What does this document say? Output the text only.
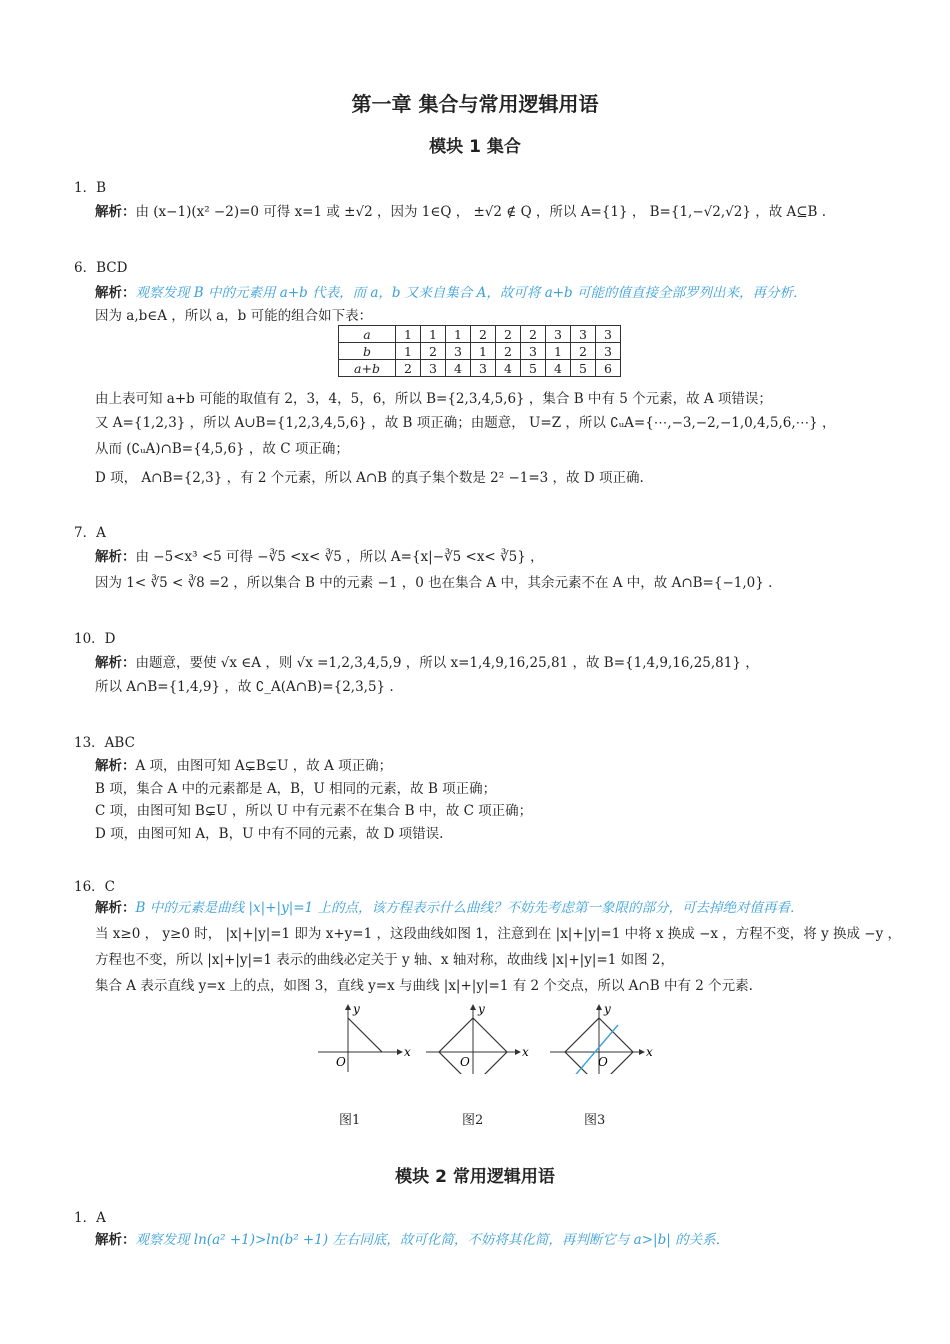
第一章 集合与常用逻辑用语
模块 1 集合
1．B
解析：由 (x−1)(x² −2)=0 可得 x=1 或 ±√2 ，因为 1∈Q ， ±√2 ∉ Q ，所以 A={1} ， B={1,−√2,√2} ，故 A⊆B .
6．BCD
解析：观察发现 B 中的元素用 a+b 代表，而 a，b 又来自集合 A，故可将 a+b 可能的值直接全部罗列出来，再分析．
因为 a,b∈A ，所以 a，b 可能的组合如下表：
a	1	1	1	2	2	2	3	3	3
b	1	2	3	1	2	3	1	2	3
a+b	2	3	4	3	4	5	4	5	6
由上表可知 a+b 可能的取值有 2，3，4，5，6，所以 B={2,3,4,5,6} ，集合 B 中有 5 个元素，故 A 项错误；
又 A={1,2,3} ，所以 A∪B={1,2,3,4,5,6} ，故 B 项正确；由题意， U=Z ，所以 ∁ᵤA={⋯,−3,−2,−1,0,4,5,6,⋯} ，
从而 (∁ᵤA)∩B={4,5,6} ，故 C 项正确；
D 项， A∩B={2,3} ，有 2 个元素，所以 A∩B 的真子集个数是 2² −1=3 ，故 D 项正确.
7．A
解析：由 −5<x³ <5 可得 −∛5 <x< ∛5 ，所以 A={x|−∛5 <x< ∛5} ，
因为 1< ∛5 < ∛8 =2 ，所以集合 B 中的元素 −1 ，0 也在集合 A 中，其余元素不在 A 中，故 A∩B={−1,0} .
10．D
解析：由题意，要使 √x ∈A ，则 √x =1,2,3,4,5,9 ，所以 x=1,4,9,16,25,81 ，故 B={1,4,9,16,25,81} ，
所以 A∩B={1,4,9} ，故 ∁_A(A∩B)={2,3,5} .
13．ABC
解析：A 项，由图可知 A⊊B⊊U ，故 A 项正确；
B 项，集合 A 中的元素都是 A，B，U 相同的元素，故 B 项正确；
C 项，由图可知 B⊊U ，所以 U 中有元素不在集合 B 中，故 C 项正确；
D 项，由图可知 A，B，U 中有不同的元素，故 D 项错误.
16．C
解析：B 中的元素是曲线 |x|+|y|=1 上的点，该方程表示什么曲线？不妨先考虑第一象限的部分，可去掉绝对值再看．
当 x≥0 ， y≥0 时， |x|+|y|=1 即为 x+y=1 ，这段曲线如图 1，注意到在 |x|+|y|=1 中将 x 换成 −x ，方程不变，将 y 换成 −y ，
方程也不变，所以 |x|+|y|=1 表示的曲线必定关于 y 轴、x 轴对称，故曲线 |x|+|y|=1 如图 2，
集合 A 表示直线 y=x 上的点，如图 3，直线 y=x 与曲线 |x|+|y|=1 有 2 个交点，所以 A∩B 中有 2 个元素.
x
y
O
图1
x
y
O
图2
x
y
O
图3
模块 2 常用逻辑用语
1．A
解析：观察发现 ln(a² +1)>ln(b² +1) 左右同底，故可化简，不妨将其化简，再判断它与 a>|b| 的关系．
